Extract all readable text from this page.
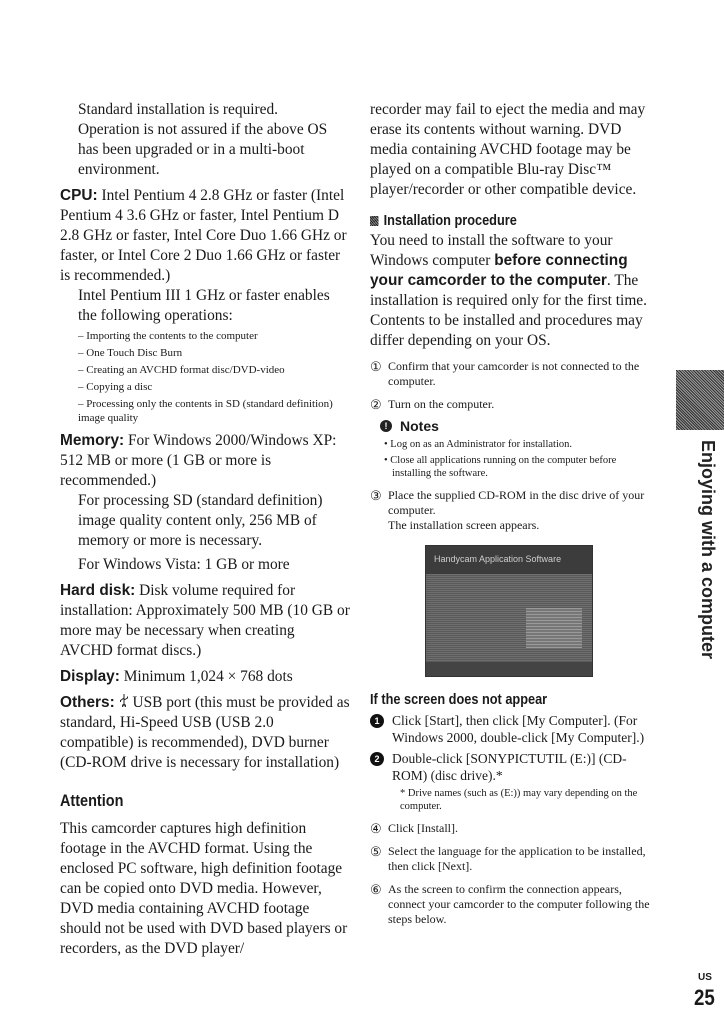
Standard installation is required.

Operation is not assured if the above OS has been upgraded or in a multi-boot environment.

CPU: Intel Pentium 4 2.8 GHz or faster (Intel Pentium 4 3.6 GHz or faster, Intel Pentium D 2.8 GHz or faster, Intel Core Duo 1.66 GHz or faster, or Intel Core 2 Duo 1.66 GHz or faster is recommended.)

Intel Pentium III 1 GHz or faster enables the following operations:

– Importing the contents to the computer

– One Touch Disc Burn

– Creating an AVCHD format disc/DVD-video

– Copying a disc

– Processing only the contents in SD (standard definition) image quality

Memory: For Windows 2000/Windows XP: 512 MB or more (1 GB or more is recommended.)

For processing SD (standard definition) image quality content only, 256 MB of memory or more is necessary.

For Windows Vista: 1 GB or more

Hard disk: Disk volume required for installation: Approximately 500 MB (10 GB or more may be necessary when creating AVCHD format discs.)

Display: Minimum 1,024 × 768 dots

Others: USB port (this must be provided as standard, Hi-Speed USB (USB 2.0 compatible) is recommended), DVD burner (CD-ROM drive is necessary for installation)

Attention

This camcorder captures high definition footage in the AVCHD format. Using the enclosed PC software, high definition footage can be copied onto DVD media. However, DVD media containing AVCHD footage should not be used with DVD based players or recorders, as the DVD player/

recorder may fail to eject the media and may erase its contents without warning. DVD media containing AVCHD footage may be played on a compatible Blu-ray Disc™ player/recorder or other compatible device.

Installation procedure

You need to install the software to your Windows computer before connecting your camcorder to the computer. The installation is required only for the first time.

Contents to be installed and procedures may differ depending on your OS.

① Confirm that your camcorder is not connected to the computer.
② Turn on the computer.
! Notes

• Log on as an Administrator for installation.

• Close all applications running on the computer before installing the software.

③ Place the supplied CD-ROM in the disc drive of your computer.
The installation screen appears.
Handycam Application Software
If the screen does not appear
1 Click [Start], then click [My Computer]. (For Windows 2000, double-click [My Computer].)
2 Double-click [SONYPICTUTIL (E:)] (CD-ROM) (disc drive).*

* Drive names (such as (E:)) may vary depending on the computer.

④ Click [Install].
⑤ Select the language for the application to be installed, then click [Next].
⑥ As the screen to confirm the connection appears, connect your camcorder to the computer following the steps below.
Enjoying with a computer
US
25
